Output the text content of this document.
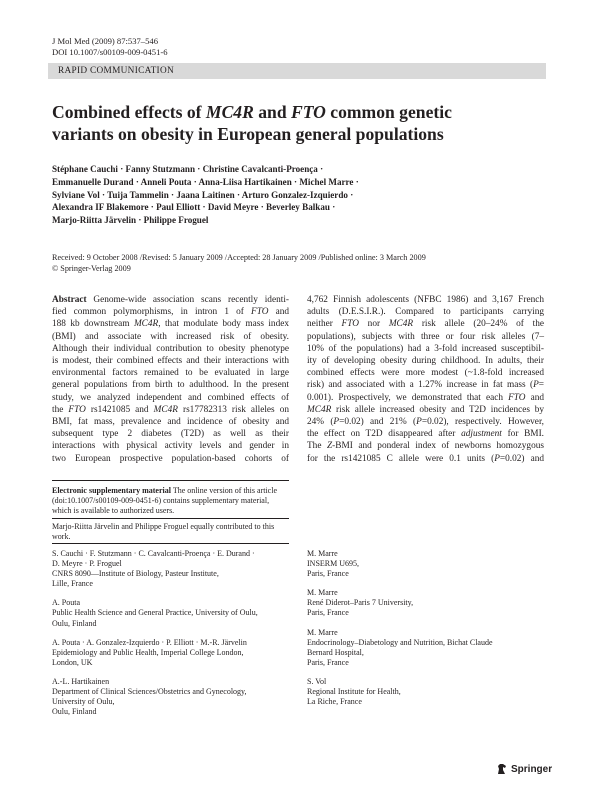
J Mol Med (2009) 87:537–546
DOI 10.1007/s00109-009-0451-6
RAPID COMMUNICATION
Combined effects of MC4R and FTO common genetic
variants on obesity in European general populations
Stéphane Cauchi · Fanny Stutzmann · Christine Cavalcanti-Proença ·
Emmanuelle Durand · Anneli Pouta · Anna-Liisa Hartikainen · Michel Marre ·
Sylviane Vol · Tuija Tammelin · Jaana Laitinen · Arturo Gonzalez-Izquierdo ·
Alexandra IF Blakemore · Paul Elliott · David Meyre · Beverley Balkau ·
Marjo-Riitta Järvelin · Philippe Froguel
Received: 9 October 2008 /Revised: 5 January 2009 /Accepted: 28 January 2009 /Published online: 3 March 2009
© Springer-Verlag 2009
Abstract Genome-wide association scans recently identi-
fied common polymorphisms, in intron 1 of FTO and
188 kb downstream MC4R, that modulate body mass index
(BMI) and associate with increased risk of obesity.
Although their individual contribution to obesity phenotype
is modest, their combined effects and their interactions with
environmental factors remained to be evaluated in large
general populations from birth to adulthood. In the present
study, we analyzed independent and combined effects of
the FTO rs1421085 and MC4R rs17782313 risk alleles on
BMI, fat mass, prevalence and incidence of obesity and
subsequent type 2 diabetes (T2D) as well as their
interactions with physical activity levels and gender in
two European prospective population-based cohorts of
4,762 Finnish adolescents (NFBC 1986) and 3,167 French
adults (D.E.S.I.R.). Compared to participants carrying
neither FTO nor MC4R risk allele (20–24% of the
populations), subjects with three or four risk alleles (7–
10% of the populations) had a 3-fold increased susceptibil-
ity of developing obesity during childhood. In adults, their
combined effects were more modest (~1.8-fold increased
risk) and associated with a 1.27% increase in fat mass (P=
0.001). Prospectively, we demonstrated that each FTO and
MC4R risk allele increased obesity and T2D incidences by
24% (P=0.02) and 21% (P=0.02), respectively. However,
the effect on T2D disappeared after adjustment for BMI.
The Z-BMI and ponderal index of newborns homozygous
for the rs1421085 C allele were 0.1 units (P=0.02) and
Electronic supplementary material The online version of this article
(doi:10.1007/s00109-009-0451-6) contains supplementary material,
which is available to authorized users.
Marjo-Riitta Järvelin and Philippe Froguel equally contributed to this
work.
S. Cauchi · F. Stutzmann · C. Cavalcanti-Proença · E. Durand ·
D. Meyre · P. Froguel
CNRS 8090—Institute of Biology, Pasteur Institute,
Lille, France
A. Pouta
Public Health Science and General Practice, University of Oulu,
Oulu, Finland
A. Pouta · A. Gonzalez-Izquierdo · P. Elliott · M.-R. Järvelin
Epidemiology and Public Health, Imperial College London,
London, UK
A.-L. Hartikainen
Department of Clinical Sciences/Obstetrics and Gynecology,
University of Oulu,
Oulu, Finland
M. Marre
INSERM U695,
Paris, France
M. Marre
René Diderot–Paris 7 University,
Paris, France
M. Marre
Endocrinology–Diabetology and Nutrition, Bichat Claude
Bernard Hospital,
Paris, France
S. Vol
Regional Institute for Health,
La Riche, France
Springer
